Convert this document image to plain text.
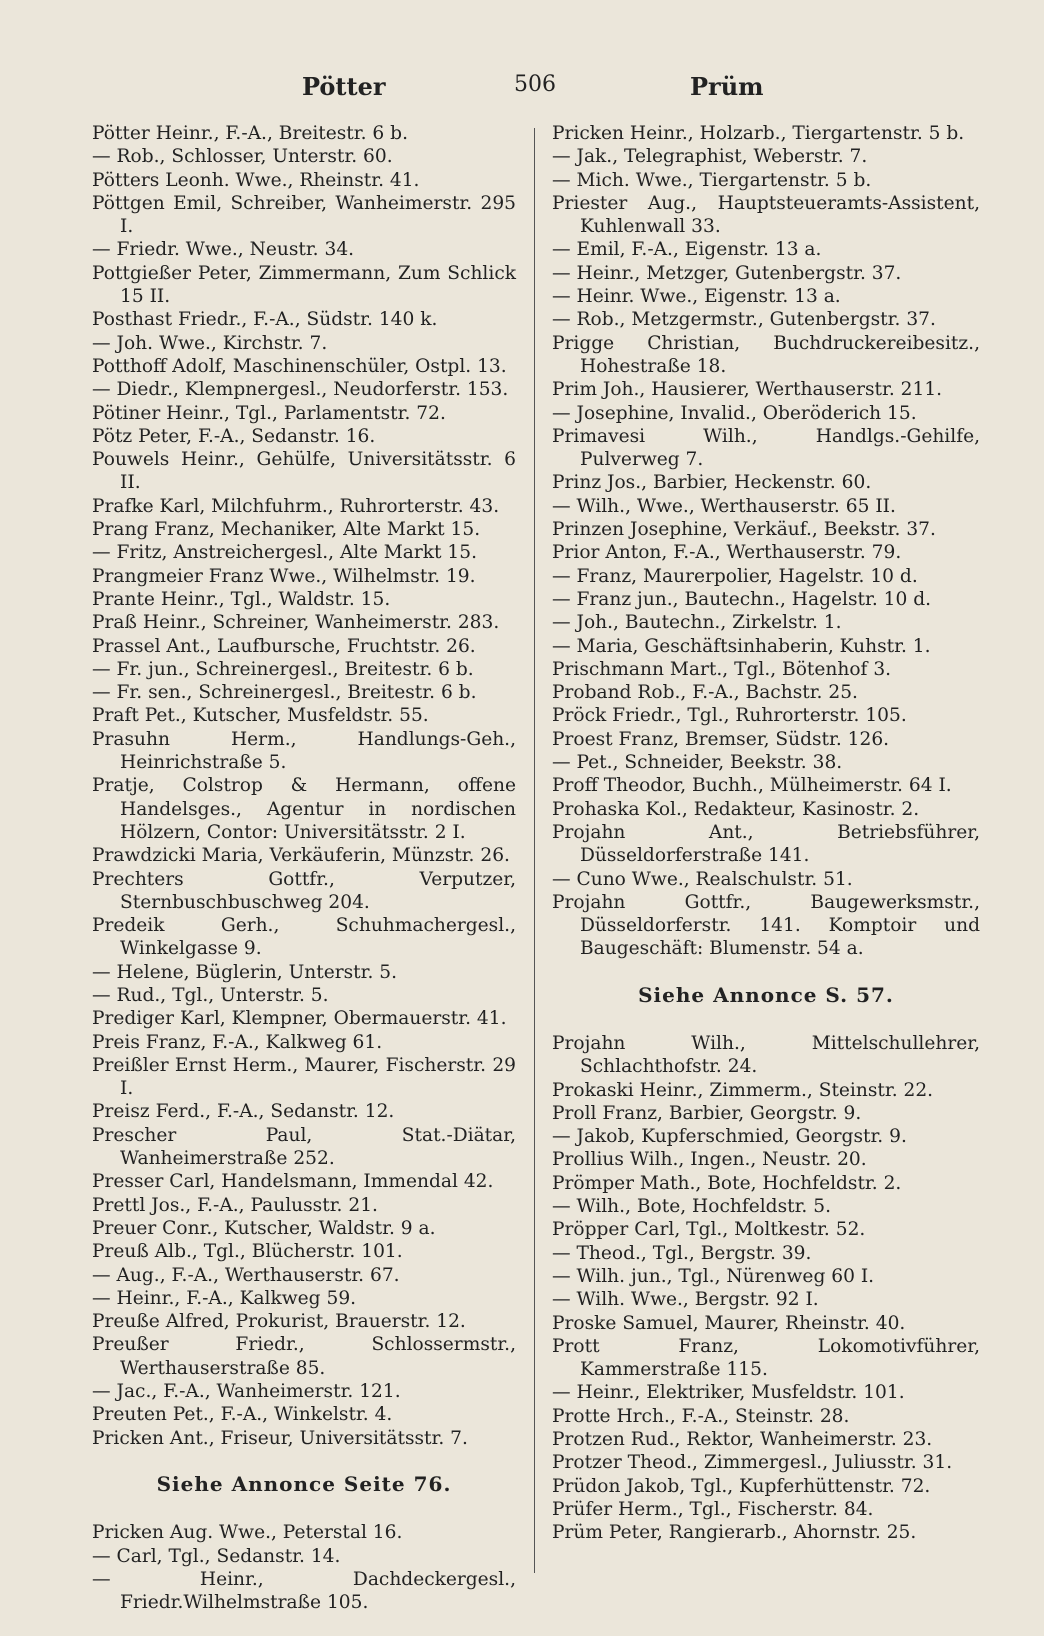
Pötter	506	Prüm
Pötter Heinr., F.-A., Breitestr. 6 b.
— Rob., Schlosser, Unterstr. 60.
Pötters Leonh. Wwe., Rheinstr. 41.
Pöttgen Emil, Schreiber, Wanheimerstr. 295 I.
— Friedr. Wwe., Neustr. 34.
Pottgießer Peter, Zimmermann, Zum Schlick 15 II.
Posthast Friedr., F.-A., Südstr. 140 k.
— Joh. Wwe., Kirchstr. 7.
Potthoff Adolf, Maschinenschüler, Ostpl. 13.
— Diedr., Klempnergesl., Neudorferstr. 153.
Pötiner Heinr., Tgl., Parlamentstr. 72.
Pötz Peter, F.-A., Sedanstr. 16.
Pouwels Heinr., Gehülfe, Universitätsstr. 6 II.
Prafke Karl, Milchfuhrm., Ruhrorterstr. 43.
Prang Franz, Mechaniker, Alte Markt 15.
— Fritz, Anstreichergesl., Alte Markt 15.
Prangmeier Franz Wwe., Wilhelmstr. 19.
Prante Heinr., Tgl., Waldstr. 15.
Praß Heinr., Schreiner, Wanheimerstr. 283.
Prassel Ant., Laufbursche, Fruchtstr. 26.
— Fr. jun., Schreinergesl., Breitestr. 6 b.
— Fr. sen., Schreinergesl., Breitestr. 6 b.
Praft Pet., Kutscher, Musfeldstr. 55.
Prasuhn Herm., Handlungs-Geh., Heinrichstraße 5.
Pratje, Colstrop & Hermann, offene Handelsges., Agentur in nordischen Hölzern, Contor: Universitätsstr. 2 I.
Prawdzicki Maria, Verkäuferin, Münzstr. 26.
Prechters Gottfr., Verputzer, Sternbuschbuschweg 204.
Predeik Gerh., Schuhmachergesl., Winkelgasse 9.
— Helene, Büglerin, Unterstr. 5.
— Rud., Tgl., Unterstr. 5.
Prediger Karl, Klempner, Obermauerstr. 41.
Preis Franz, F.-A., Kalkweg 61.
Preißler Ernst Herm., Maurer, Fischerstr. 29 I.
Preisz Ferd., F.-A., Sedanstr. 12.
Prescher Paul, Stat.-Diätar, Wanheimerstraße 252.
Presser Carl, Handelsmann, Immendal 42.
Prettl Jos., F.-A., Paulusstr. 21.
Preuer Conr., Kutscher, Waldstr. 9 a.
Preuß Alb., Tgl., Blücherstr. 101.
— Aug., F.-A., Werthauserstr. 67.
— Heinr., F.-A., Kalkweg 59.
Preuße Alfred, Prokurist, Brauerstr. 12.
Preußer Friedr., Schlossermstr., Werthauserstraße 85.
— Jac., F.-A., Wanheimerstr. 121.
Preuten Pet., F.-A., Winkelstr. 4.
Pricken Ant., Friseur, Universitätsstr. 7.
Siehe Annonce Seite 76.
Pricken Aug. Wwe., Peterstal 16.
— Carl, Tgl., Sedanstr. 14.
— Heinr., Dachdeckergesl., Friedr.Wilhelmstraße 105.
Pricken Heinr., Holzarb., Tiergartenstr. 5 b.
— Jak., Telegraphist, Weberstr. 7.
— Mich. Wwe., Tiergartenstr. 5 b.
Priester Aug., Hauptsteueramts-Assistent, Kuhlenwall 33.
— Emil, F.-A., Eigenstr. 13 a.
— Heinr., Metzger, Gutenbergstr. 37.
— Heinr. Wwe., Eigenstr. 13 a.
— Rob., Metzgermstr., Gutenbergstr. 37.
Prigge Christian, Buchdruckereibesitz., Hohestraße 18.
Prim Joh., Hausierer, Werthauserstr. 211.
— Josephine, Invalid., Oberöderich 15.
Primavesi Wilh., Handlgs.-Gehilfe, Pulverweg 7.
Prinz Jos., Barbier, Heckenstr. 60.
— Wilh., Wwe., Werthauserstr. 65 II.
Prinzen Josephine, Verkäuf., Beekstr. 37.
Prior Anton, F.-A., Werthauserstr. 79.
— Franz, Maurerpolier, Hagelstr. 10 d.
— Franz jun., Bautechn., Hagelstr. 10 d.
— Joh., Bautechn., Zirkelstr. 1.
— Maria, Geschäftsinhaberin, Kuhstr. 1.
Prischmann Mart., Tgl., Bötenhof 3.
Proband Rob., F.-A., Bachstr. 25.
Pröck Friedr., Tgl., Ruhrorterstr. 105.
Proest Franz, Bremser, Südstr. 126.
— Pet., Schneider, Beekstr. 38.
Proff Theodor, Buchh., Mülheimerstr. 64 I.
Prohaska Kol., Redakteur, Kasinostr. 2.
Projahn Ant., Betriebsführer, Düsseldorferstraße 141.
— Cuno Wwe., Realschulstr. 51.
Projahn Gottfr., Baugewerksmstr., Düsseldorferstr. 141. Komptoir und Baugeschäft: Blumenstr. 54 a.
Siehe Annonce S. 57.
Projahn Wilh., Mittelschullehrer, Schlachthofstr. 24.
Prokaski Heinr., Zimmerm., Steinstr. 22.
Proll Franz, Barbier, Georgstr. 9.
— Jakob, Kupferschmied, Georgstr. 9.
Prollius Wilh., Ingen., Neustr. 20.
Prömper Math., Bote, Hochfeldstr. 2.
— Wilh., Bote, Hochfeldstr. 5.
Pröpper Carl, Tgl., Moltkestr. 52.
— Theod., Tgl., Bergstr. 39.
— Wilh. jun., Tgl., Nürenweg 60 I.
— Wilh. Wwe., Bergstr. 92 I.
Proske Samuel, Maurer, Rheinstr. 40.
Prott Franz, Lokomotivführer, Kammerstraße 115.
— Heinr., Elektriker, Musfeldstr. 101.
Protte Hrch., F.-A., Steinstr. 28.
Protzen Rud., Rektor, Wanheimerstr. 23.
Protzer Theod., Zimmergesl., Juliusstr. 31.
Prüdon Jakob, Tgl., Kupferhüttenstr. 72.
Prüfer Herm., Tgl., Fischerstr. 84.
Prüm Peter, Rangierarb., Ahornstr. 25.
